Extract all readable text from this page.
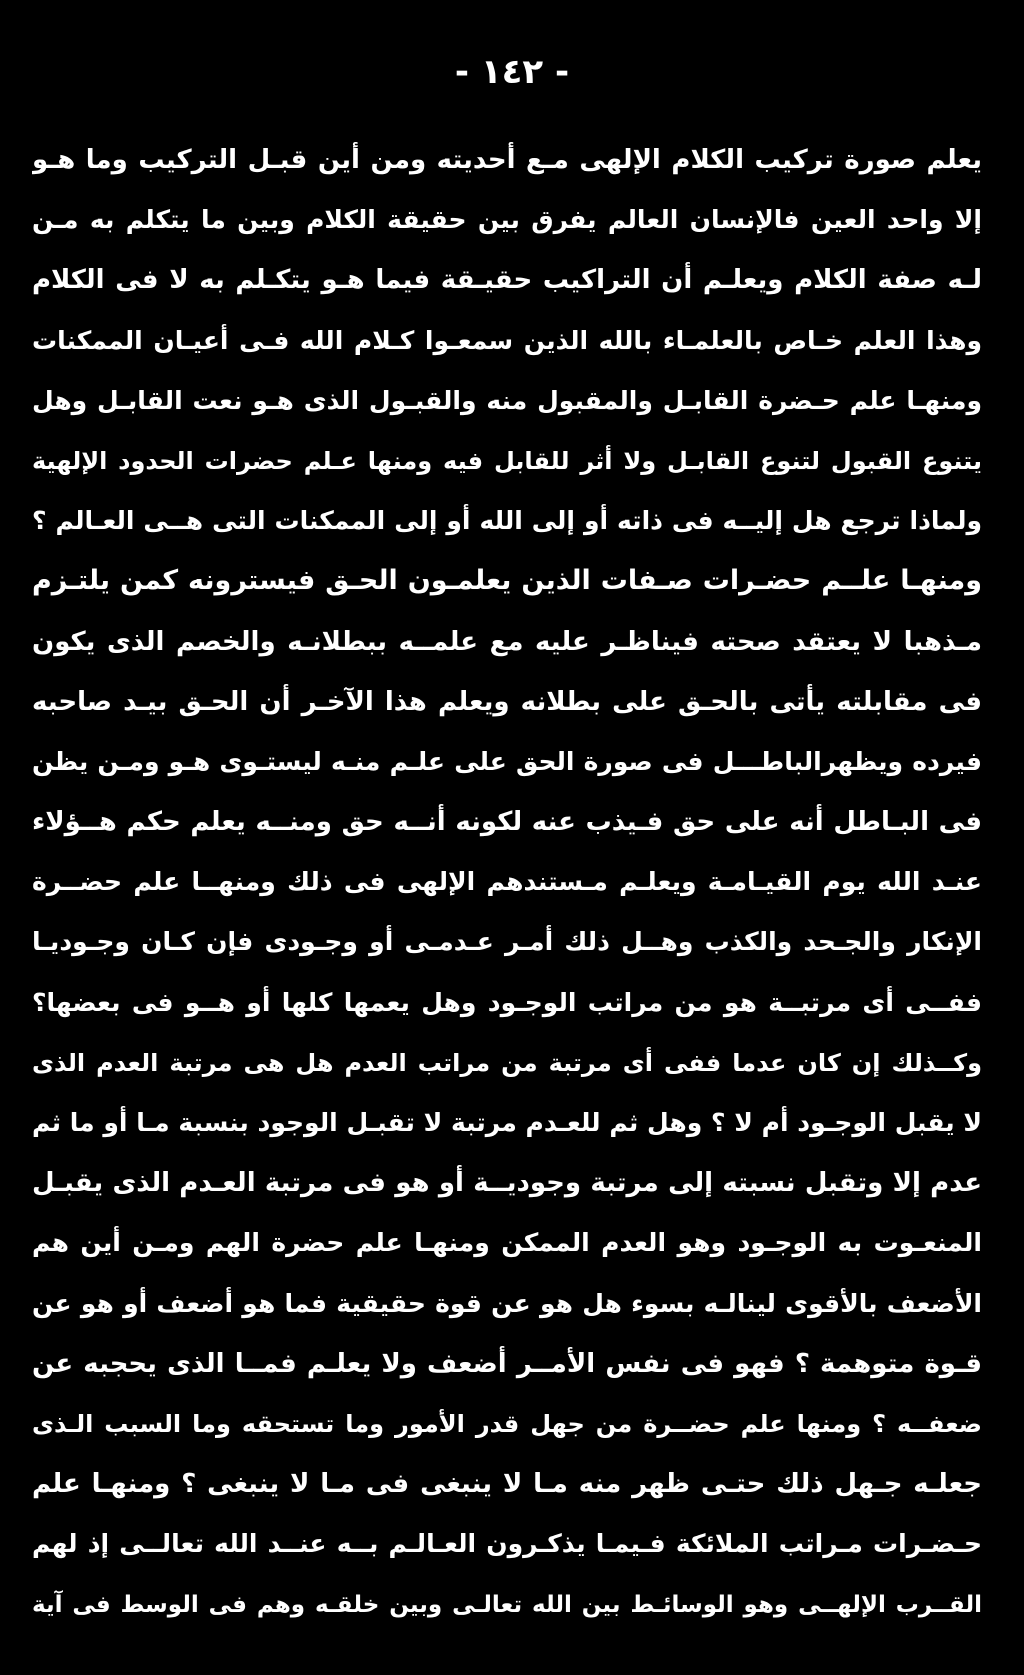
- ١٤٢ -
يعلم صورة تركيب الكلام الإلهى مـع أحديته ومن أين قبـل التركيب وما هـو
إلا واحد العين فالإنسان العالم يفرق بين حقيقة الكلام وبين ما يتكلم به مـن
لـه صفة الكلام ويعلـم أن التراكيب حقيـقة فيما هـو يتكـلم به لا فى الكلام
وهذا العلم خـاص بالعلمـاء بالله الذين سمعـوا كـلام الله فـى أعيـان الممكنات
ومنهـا علم حـضرة القابـل والمقبول منه والقبـول الذى هـو نعت القابـل وهل
يتنوع القبول لتنوع القابـل ولا أثر للقابل فيه ومنها عـلم حضرات الحدود الإلهية
ولماذا ترجع هل إليــه فى ذاته أو إلى الله أو إلى الممكنات التى هــى العـالم ؟
ومنهـا علــم حضـرات صـفات الذين يعلمـون الحـق فيسترونه كمن يلتـزم
مـذهبا لا يعتقد صحته فيناظـر عليه مع علمــه ببطلانـه والخصم الذى يكون
فى مقابلته يأتى بالحـق على بطلانه ويعلم هذا الآخـر أن الحـق بيـد صاحبه
فيرده ويظهرالباطـــل فى صورة الحق على علـم منـه ليستـوى هـو ومـن يظن
فى البـاطل أنه على حق فـيذب عنه لكونه أنــه حق ومنــه يعلم حكم هــؤلاء
عنـد الله يوم القيـامـة ويعلـم مـستندهم الإلهى فى ذلك ومنهــا علم حضــرة
الإنكار والجـحد والكذب وهــل ذلك أمـر عـدمـى أو وجـودى فإن كـان وجـوديـا
ففــى أى مرتبــة هو من مراتب الوجـود وهل يعمها كلها أو هــو فى بعضها؟
وكــذلك إن كان عدما ففى أى مرتبة من مراتب العدم هل هى مرتبة العدم الذى
لا يقبل الوجـود أم لا ؟ وهل ثم للعـدم مرتبة لا تقبـل الوجود بنسبة مـا أو ما ثم
عدم إلا وتقبل نسبته إلى مرتبة وجوديــة أو هو فى مرتبة العـدم الذى يقبـل
المنعـوت به الوجـود وهو العدم الممكن ومنهـا علم حضرة الهم ومـن أين هم
الأضعف بالأقوى لينالـه بسوء هل هو عن قوة حقيقية فما هو أضعف أو هو عن
قـوة متوهمة ؟ فهو فى نفس الأمــر أضعف ولا يعلـم فمــا الذى يحجبه عن
ضعفــه ؟ ومنها علم حضــرة من جهل قدر الأمور وما تستحقه وما السبب الـذى
جعلـه جـهل ذلك حتـى ظهر منه مـا لا ينبغى فى مـا لا ينبغى ؟ ومنهـا علم
حـضـرات مـراتب الملائكة فـيمـا يذكـرون العـالـم بــه عنــد الله تعالــى إذ لهم
القــرب الإلهــى وهو الوسائـط بين الله تعالـى وبين خلقـه وهم فى الوسط فى آية
